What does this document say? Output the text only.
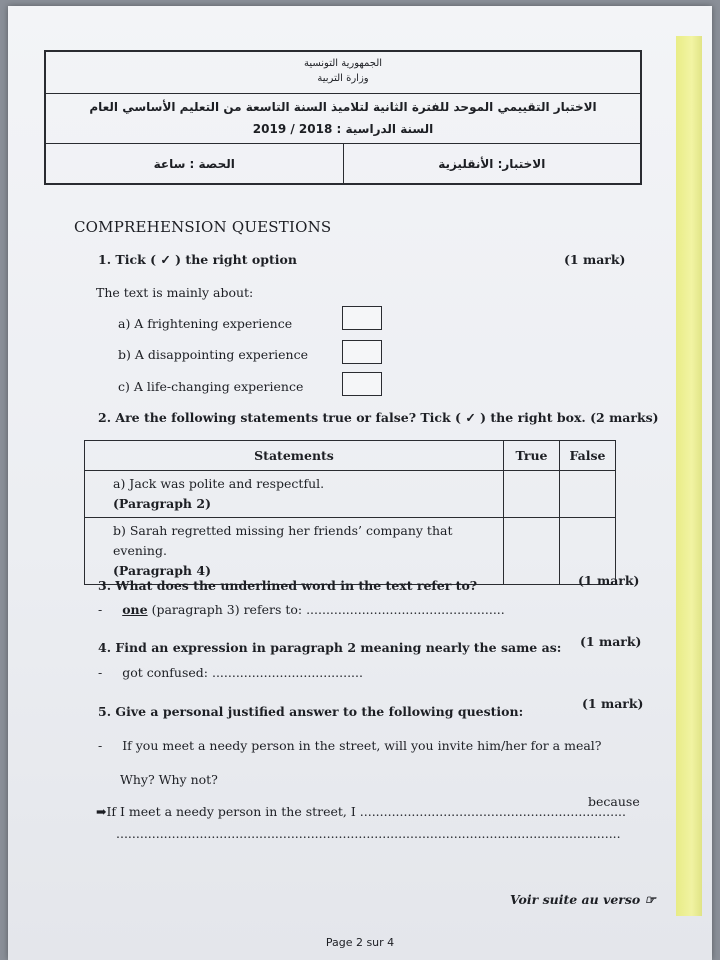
الجمهورية التونسية
وزارة التربية
الاختبار التقييمي الموحد للفترة الثانية لتلاميذ السنة التاسعة من التعليم الأساسي العام
السنة الدراسية : 2018 / 2019
الاختبار: الأنقليزية
الحصة : ساعة
COMPREHENSION QUESTIONS
1. Tick ( ✓ ) the right option	(1 mark)
The text is mainly about:
a) A frightening experience
b) A disappointing experience
c) A life-changing experience
2. Are the following statements true or false? Tick ( ✓ ) the right box. (2 marks)
Statements	True	False

a) Jack was polite and respectful.
(Paragraph 2)		

b) Sarah regretted missing her friends’ company that evening.
(Paragraph 4)		

3. What does the underlined word in the text refer to?	(1 mark)
- one (paragraph 3) refers to: ..................................................
4. Find an expression in paragraph 2 meaning nearly the same as: (1 mark)
- got confused: ......................................
5. Give a personal justified answer to the following question:
(1 mark)
- If you meet a needy person in the street, will you invite him/her for a meal?
Why? Why not?
➡If I meet a needy person in the street, I ...................................................................
because
...............................................................................................................................
Voir suite au verso ☞
Page 2 sur 4
